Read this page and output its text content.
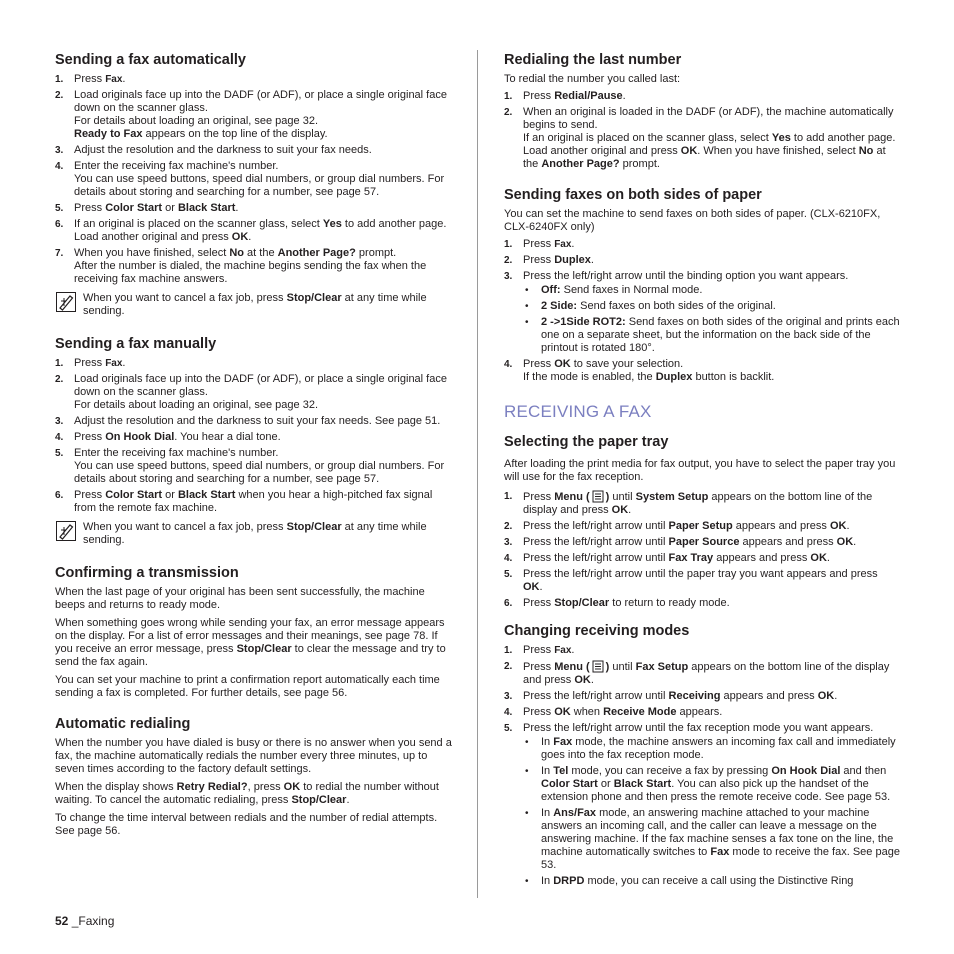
Sending a fax automatically
1. Press Fax.
2. Load originals face up into the DADF (or ADF), or place a single original face down on the scanner glass.
For details about loading an original, see page 32.
Ready to Fax appears on the top line of the display.
3. Adjust the resolution and the darkness to suit your fax needs.
4. Enter the receiving fax machine's number.
You can use speed buttons, speed dial numbers, or group dial numbers. For details about storing and searching for a number, see page 57.
5. Press Color Start or Black Start.
6. If an original is placed on the scanner glass, select Yes to add another page. Load another original and press OK.
7. When you have finished, select No at the Another Page? prompt.
After the number is dialed, the machine begins sending the fax when the receiving fax machine answers.
When you want to cancel a fax job, press Stop/Clear at any time while sending.
Sending a fax manually
1. Press Fax.
2. Load originals face up into the DADF (or ADF), or place a single original face down on the scanner glass.
For details about loading an original, see page 32.
3. Adjust the resolution and the darkness to suit your fax needs. See page 51.
4. Press On Hook Dial. You hear a dial tone.
5. Enter the receiving fax machine's number.
You can use speed buttons, speed dial numbers, or group dial numbers. For details about storing and searching for a number, see page 57.
6. Press Color Start or Black Start when you hear a high-pitched fax signal from the remote fax machine.
When you want to cancel a fax job, press Stop/Clear at any time while sending.
Confirming a transmission

When the last page of your original has been sent successfully, the machine beeps and returns to ready mode.

When something goes wrong while sending your fax, an error message appears on the display. For a list of error messages and their meanings, see page 78. If you receive an error message, press Stop/Clear to clear the message and try to send the fax again.

You can set your machine to print a confirmation report automatically each time sending a fax is completed. For further details, see page 56.

Automatic redialing

When the number you have dialed is busy or there is no answer when you send a fax, the machine automatically redials the number every three minutes, up to seven times according to the factory default settings.

When the display shows Retry Redial?, press OK to redial the number without waiting. To cancel the automatic redialing, press Stop/Clear.

To change the time interval between redials and the number of redial attempts. See page 56.

Redialing the last number

To redial the number you called last:

1. Press Redial/Pause.
2. When an original is loaded in the DADF (or ADF), the machine automatically begins to send.
If an original is placed on the scanner glass, select Yes to add another page. Load another original and press OK. When you have finished, select No at the Another Page? prompt.
Sending faxes on both sides of paper

You can set the machine to send faxes on both sides of paper. (CLX-6210FX, CLX-6240FX only)

1. Press Fax.
2. Press Duplex.
3. Press the left/right arrow until the binding option you want appears.
• Off: Send faxes in Normal mode.
• 2 Side: Send faxes on both sides of the original.
• 2 ->1Side ROT2: Send faxes on both sides of the original and prints each one on a separate sheet, but the information on the back side of the printout is rotated 180°.
4. Press OK to save your selection.
If the mode is enabled, the Duplex button is backlit.
RECEIVING A FAX
Selecting the paper tray

After loading the print media for fax output, you have to select the paper tray you will use for the fax reception.

1. Press Menu ( ) until System Setup appears on the bottom line of the display and press OK.
2. Press the left/right arrow until Paper Setup appears and press OK.
3. Press the left/right arrow until Paper Source appears and press OK.
4. Press the left/right arrow until Fax Tray appears and press OK.
5. Press the left/right arrow until the paper tray you want appears and press OK.
6. Press Stop/Clear to return to ready mode.
Changing receiving modes
1. Press Fax.
2. Press Menu ( ) until Fax Setup appears on the bottom line of the display and press OK.
3. Press the left/right arrow until Receiving appears and press OK.
4. Press OK when Receive Mode appears.
5. Press the left/right arrow until the fax reception mode you want appears.
• In Fax mode, the machine answers an incoming fax call and immediately goes into the fax reception mode.
• In Tel mode, you can receive a fax by pressing On Hook Dial and then Color Start or Black Start. You can also pick up the handset of the extension phone and then press the remote receive code. See page 53.
• In Ans/Fax mode, an answering machine attached to your machine answers an incoming call, and the caller can leave a message on the answering machine. If the fax machine senses a fax tone on the line, the machine automatically switches to Fax mode to receive the fax. See page 53.
• In DRPD mode, you can receive a call using the Distinctive Ring
52 _Faxing
